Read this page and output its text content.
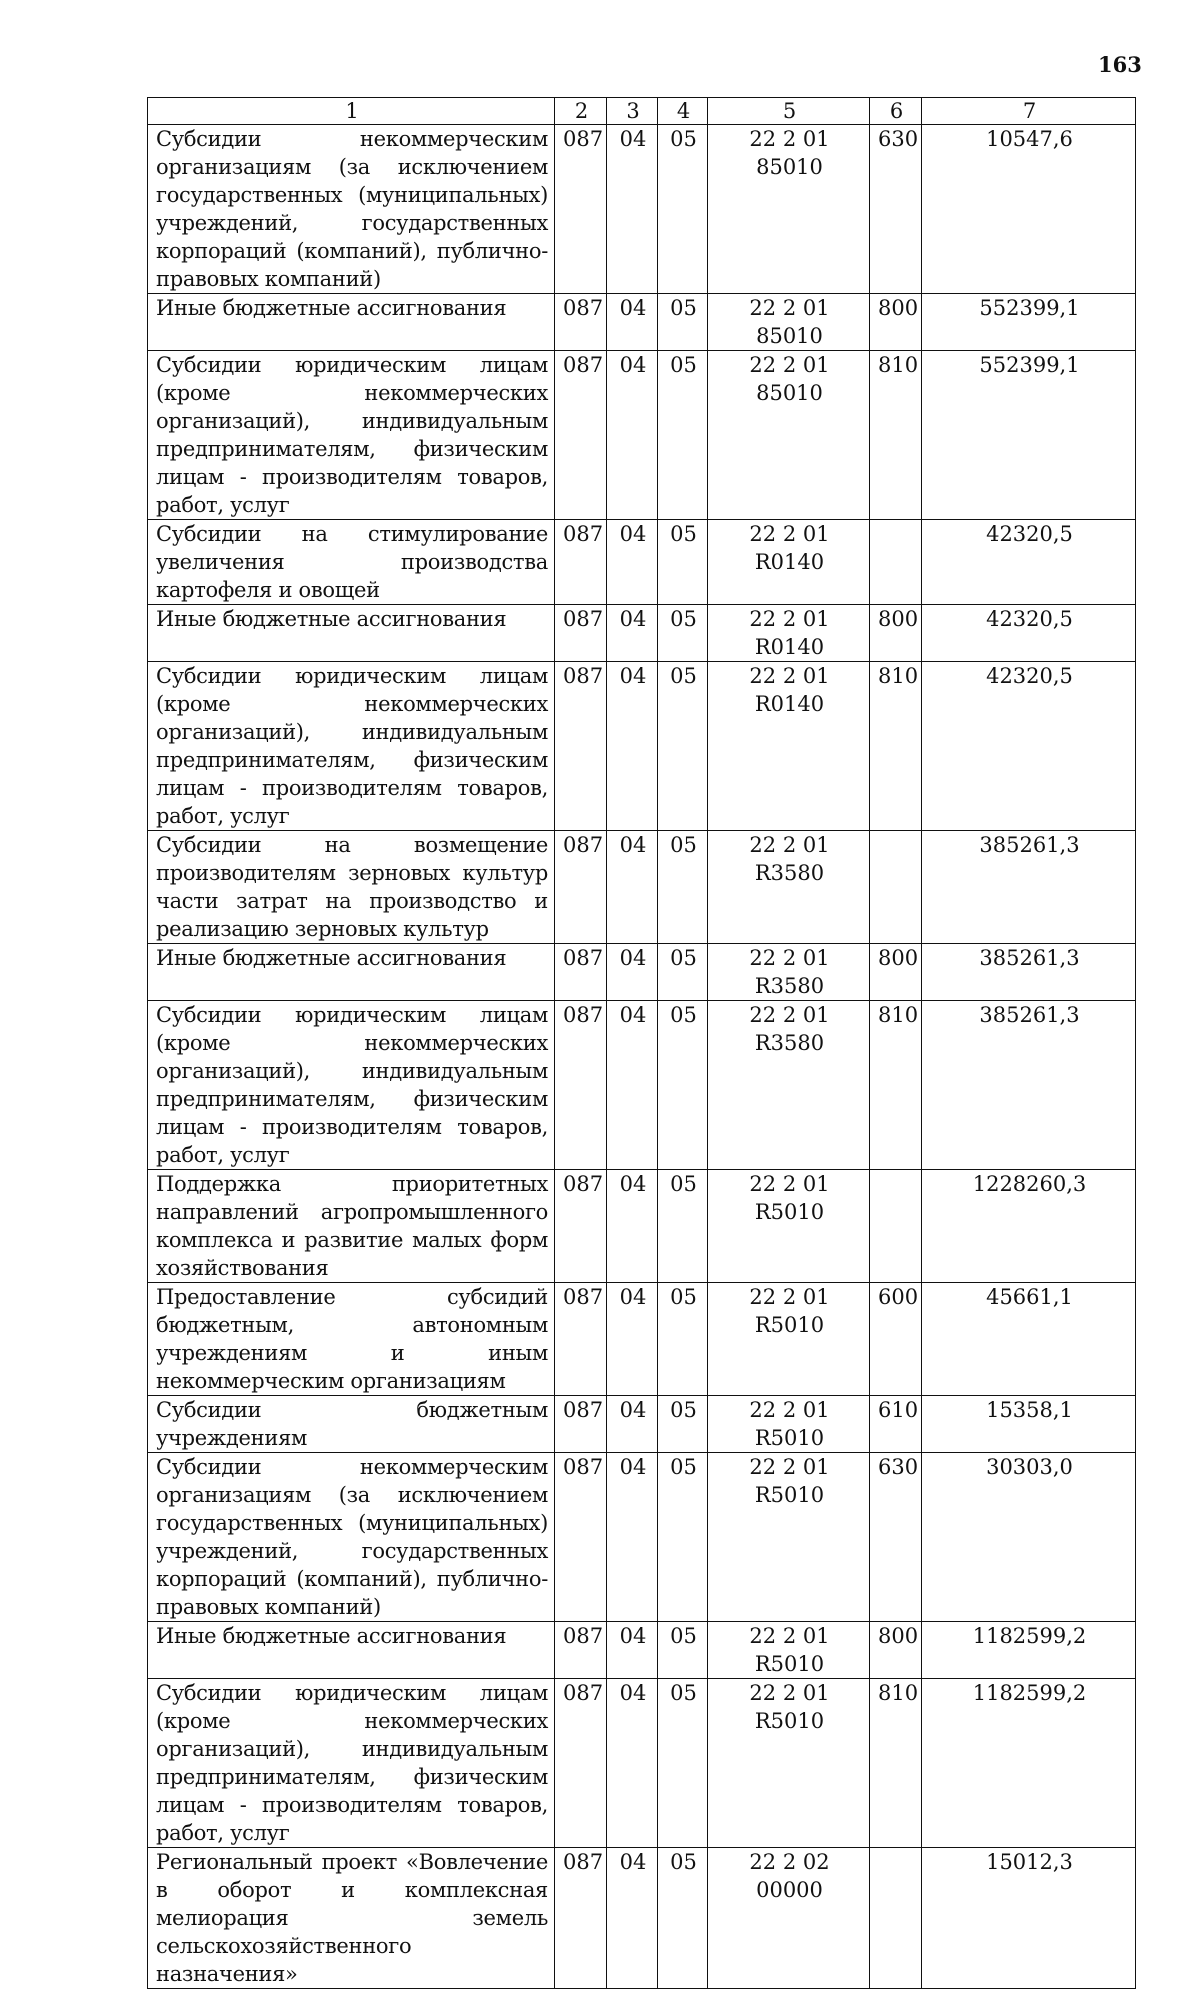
163
1	2	3	4	5	6	7
Субсидии некоммерческим организациям (за исключением государственных (муниципальных) учреждений, государственных корпораций (компаний), публично-правовых компаний)	087	04	05	22 2 01 85010	630	10547,6
Иные бюджетные ассигнования	087	04	05	22 2 01 85010	800	552399,1
Субсидии юридическим лицам (кроме некоммерческих организаций), индивидуальным предпринимателям, физическим лицам - производителям товаров, работ, услуг	087	04	05	22 2 01 85010	810	552399,1
Субсидии на стимулирование увеличения производства картофеля и овощей	087	04	05	22 2 01 R0140		42320,5
Иные бюджетные ассигнования	087	04	05	22 2 01 R0140	800	42320,5
Субсидии юридическим лицам (кроме некоммерческих организаций), индивидуальным предпринимателям, физическим лицам - производителям товаров, работ, услуг	087	04	05	22 2 01 R0140	810	42320,5
Субсидии на возмещение производителям зерновых культур части затрат на производство и реализацию зерновых культур	087	04	05	22 2 01 R3580		385261,3
Иные бюджетные ассигнования	087	04	05	22 2 01 R3580	800	385261,3
Субсидии юридическим лицам (кроме некоммерческих организаций), индивидуальным предпринимателям, физическим лицам - производителям товаров, работ, услуг	087	04	05	22 2 01 R3580	810	385261,3
Поддержка приоритетных направлений агропромышленного комплекса и развитие малых форм хозяйствования	087	04	05	22 2 01 R5010		1228260,3
Предоставление субсидий бюджетным, автономным учреждениям и иным некоммерческим организациям	087	04	05	22 2 01 R5010	600	45661,1
Субсидии бюджетным учреждениям	087	04	05	22 2 01 R5010	610	15358,1
Субсидии некоммерческим организациям (за исключением государственных (муниципальных) учреждений, государственных корпораций (компаний), публично-правовых компаний)	087	04	05	22 2 01 R5010	630	30303,0
Иные бюджетные ассигнования	087	04	05	22 2 01 R5010	800	1182599,2
Субсидии юридическим лицам (кроме некоммерческих организаций), индивидуальным предпринимателям, физическим лицам - производителям товаров, работ, услуг	087	04	05	22 2 01 R5010	810	1182599,2
Региональный проект «Вовлечение в оборот и комплексная мелиорация земель сельскохозяйственного назначения»	087	04	05	22 2 02 00000		15012,3
